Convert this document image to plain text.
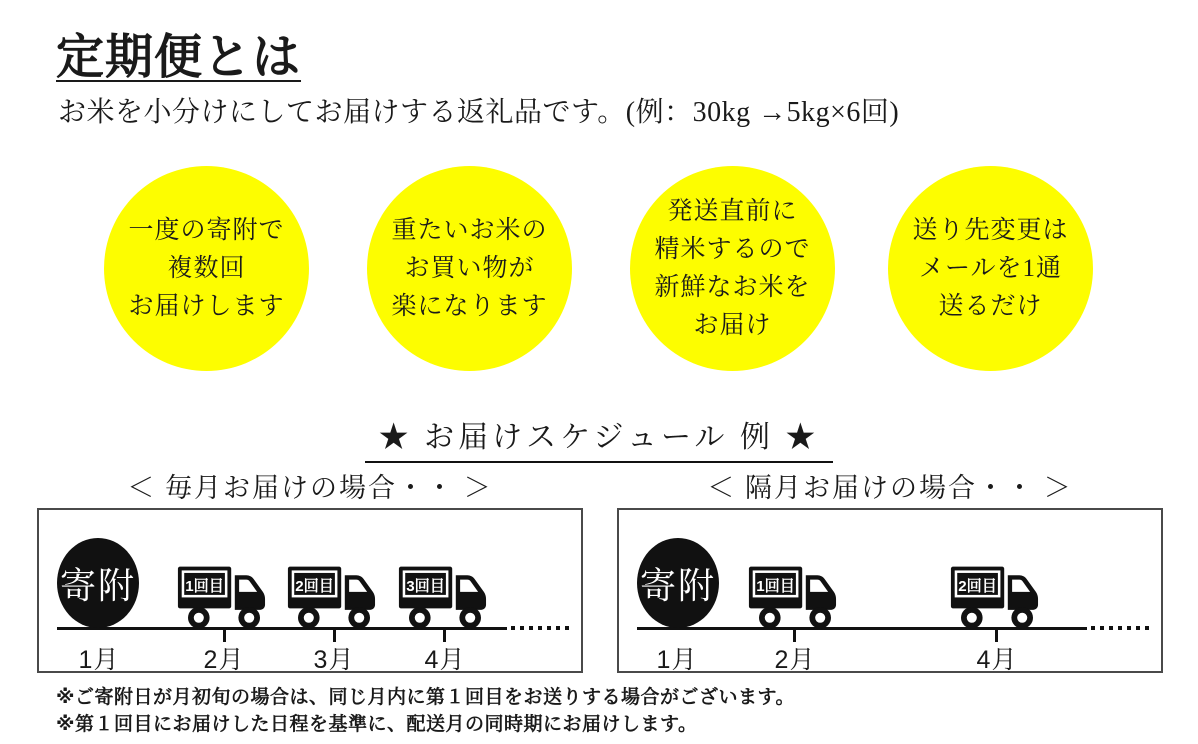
定期便とは
お米を小分けにしてお届けする返礼品です。(例：30kg →5kg×6回)
一度の寄附で
複数回
お届けします
重たいお米の
お買い物が
楽になります
発送直前に
精米するので
新鮮なお米を
お届け
送り先変更は
メールを1通
送るだけ
★ お届けスケジュール 例 ★
＜ 毎月お届けの場合・・ ＞	＜ 隔月お届けの場合・・ ＞
寄附 1回目	2回目	3回目
1月	2月	3月	4月
寄附 1回目	2回目
1月	2月	4月
※ご寄附日が月初旬の場合は、同じ月内に第１回目をお送りする場合がございます。
※第１回目にお届けした日程を基準に、配送月の同時期にお届けします。
